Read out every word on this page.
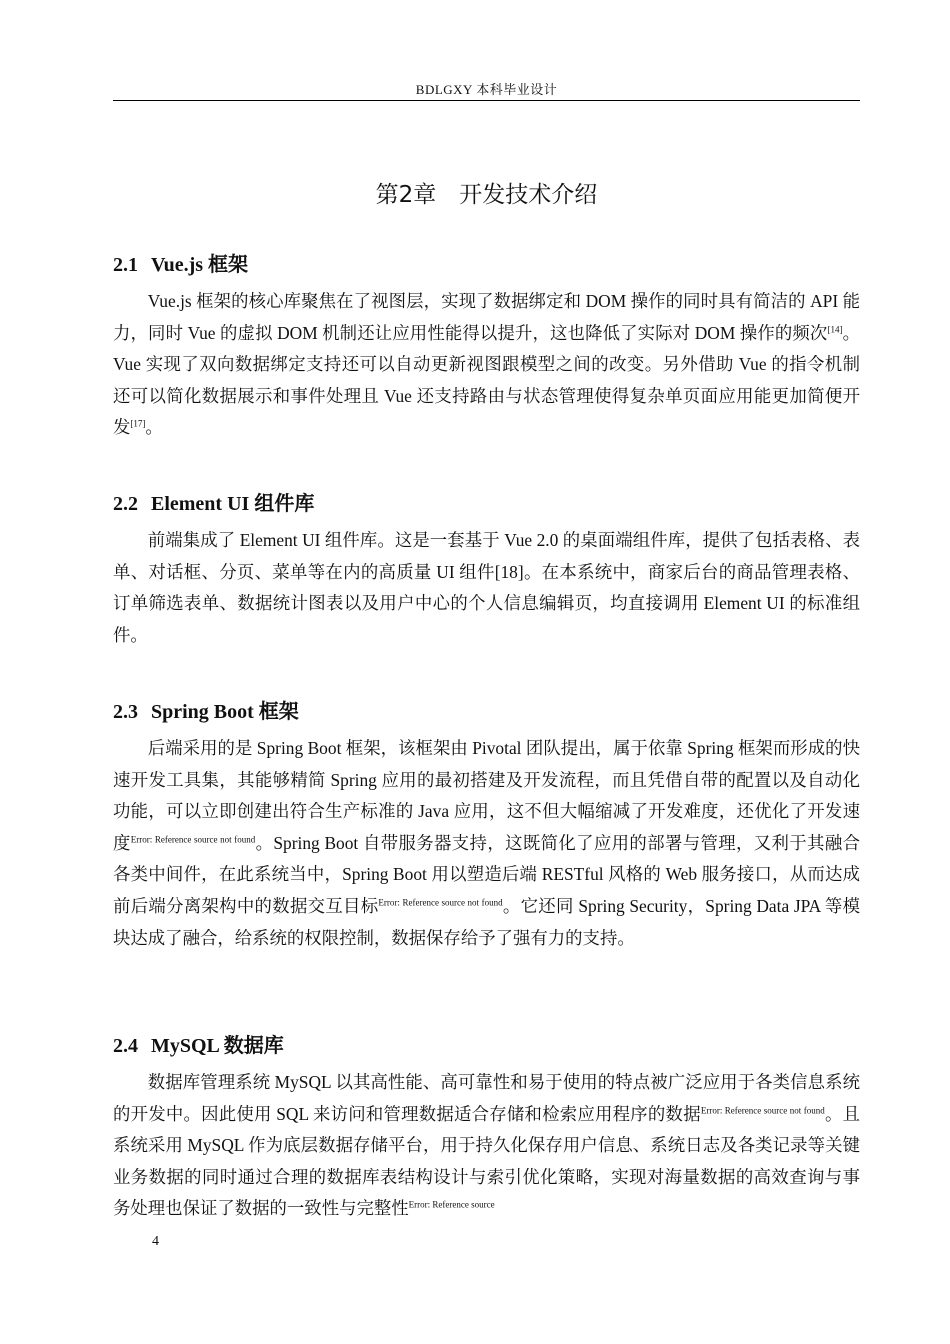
BDLGXY 本科毕业设计
第2章　开发技术介绍
2.1 Vue.js 框架

Vue.js 框架的核心库聚焦在了视图层，实现了数据绑定和 DOM 操作的同时具有简洁的 API 能力，同时 Vue 的虚拟 DOM 机制还让应用性能得以提升，这也降低了实际对 DOM 操作的频次[14]。Vue 实现了双向数据绑定支持还可以自动更新视图跟模型之间的改变。另外借助 Vue 的指令机制还可以简化数据展示和事件处理且 Vue 还支持路由与状态管理使得复杂单页面应用能更加简便开发[17]。

2.2 Element UI 组件库

前端集成了 Element UI 组件库。这是一套基于 Vue 2.0 的桌面端组件库，提供了包括表格、表单、对话框、分页、菜单等在内的高质量 UI 组件[18]。在本系统中，商家后台的商品管理表格、订单筛选表单、数据统计图表以及用户中心的个人信息编辑页，均直接调用 Element UI 的标准组件。

2.3 Spring Boot 框架

后端采用的是 Spring Boot 框架，该框架由 Pivotal 团队提出，属于依靠 Spring 框架而形成的快速开发工具集，其能够精简 Spring 应用的最初搭建及开发流程，而且凭借自带的配置以及自动化功能，可以立即创建出符合生产标准的 Java 应用，这不但大幅缩减了开发难度，还优化了开发速度$^{Error: Reference source not found}$。Spring Boot 自带服务器支持，这既简化了应用的部署与管理，又利于其融合各类中间件，在此系统当中，Spring Boot 用以塑造后端 RESTful 风格的 Web 服务接口，从而达成前后端分离架构中的数据交互目标$^{Error: Reference source not found}$。它还同 Spring Security，Spring Data JPA 等模块达成了融合，给系统的权限控制，数据保存给予了强有力的支持。

2.4 MySQL 数据库

数据库管理系统 MySQL 以其高性能、高可靠性和易于使用的特点被广泛应用于各类信息系统的开发中。因此使用 SQL 来访问和管理数据适合存储和检索应用程序的数据$^{Error: Reference source not found}$。且系统采用 MySQL 作为底层数据存储平台，用于持久化保存用户信息、系统日志及各类记录等关键业务数据的同时通过合理的数据库表结构设计与索引优化策略，实现对海量数据的高效查询与事务处理也保证了数据的一致性与完整性$^{Error: Reference source}$

4
